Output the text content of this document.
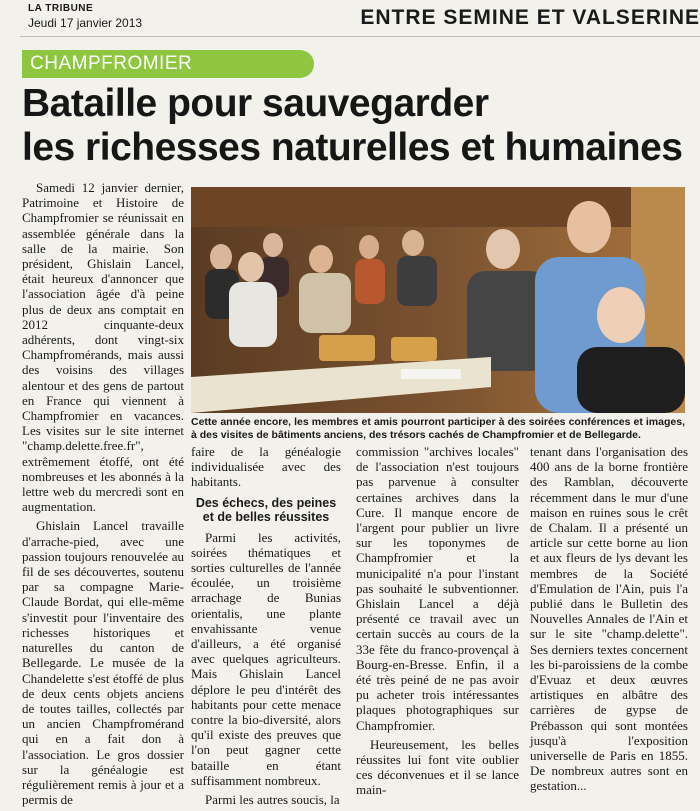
LA TRIBUNE
Jeudi 17 janvier 2013	ENTRE SEMINE ET VALSERINE
CHAMPFROMIER
Bataille pour sauvegarder
les richesses naturelles et humaines

Samedi 12 janvier dernier, Patrimoine et Histoire de Champfromier se réunissait en assemblée générale dans la salle de la mairie. Son président, Ghislain Lancel, était heureux d'annoncer que l'association âgée d'à peine plus de deux ans comptait en 2012 cinquante-deux adhérents, dont vingt-six Champfromérands, mais aussi des voisins des villages alentour et des gens de partout en France qui viennent à Champfromier en vacances. Les visites sur le site internet "champ.delette.free.fr", extrêmement étoffé, ont été nombreuses et les abonnés à la lettre web du mercredi sont en augmentation.

Ghislain Lancel travaille d'arrache-pied, avec une passion toujours renouvelée au fil de ses découvertes, soutenu par sa compagne Marie-Claude Bordat, qui elle-même s'investit pour l'inventaire des richesses historiques et naturelles du canton de Bellegarde. Le musée de la Chandelette s'est étoffé de plus de deux cents objets anciens de toutes tailles, collectés par un ancien Champfromérand qui en a fait don à l'association. Le gros dossier sur la généalogie est régulièrement remis à jour et a permis de

Cette année encore, les membres et amis pourront participer à des soirées conférences et images, à des visites de bâtiments anciens, des trésors cachés de Champfromier et de Bellegarde.

faire de la généalogie individualisée avec des habitants.

Des échecs, des peines et de belles réussites

Parmi les activités, soirées thématiques et sorties culturelles de l'année écoulée, un troisième arrachage de Bunias orientalis, une plante envahissante venue d'ailleurs, a été organisé avec quelques agriculteurs. Mais Ghislain Lancel déplore le peu d'intérêt des habitants pour cette menace contre la bio-diversité, alors qu'il existe des preuves que l'on peut gagner cette bataille en étant suffisamment nombreux.

Parmi les autres soucis, la

commission "archives locales" de l'association n'est toujours pas parvenue à consulter certaines archives dans la Cure. Il manque encore de l'argent pour publier un livre sur les toponymes de Champfromier et la municipalité n'a pour l'instant pas souhaité le subventionner. Ghislain Lancel a déjà présenté ce travail avec un certain succès au cours de la 33e fête du franco-provençal à Bourg-en-Bresse. Enfin, il a été très peiné de ne pas avoir pu acheter trois intéressantes plaques photographiques sur Champfromier.

Heureusement, les belles réussites lui font vite oublier ces déconvenues et il se lance main-

tenant dans l'organisation des 400 ans de la borne frontière des Ramblan, découverte récemment dans le mur d'une maison en ruines sous le crêt de Chalam. Il a présenté un article sur cette borne au lion et aux fleurs de lys devant les membres de la Société d'Emulation de l'Ain, puis l'a publié dans le Bulletin des Nouvelles Annales de l'Ain et sur le site "champ.delette". Ses derniers textes concernent les bi-paroissiens de la combe d'Evuaz et deux œuvres artistiques en albâtre des carrières de gypse de Prébasson qui sont montées jusqu'à l'exposition universelle de Paris en 1855. De nombreux autres sont en gestation...
